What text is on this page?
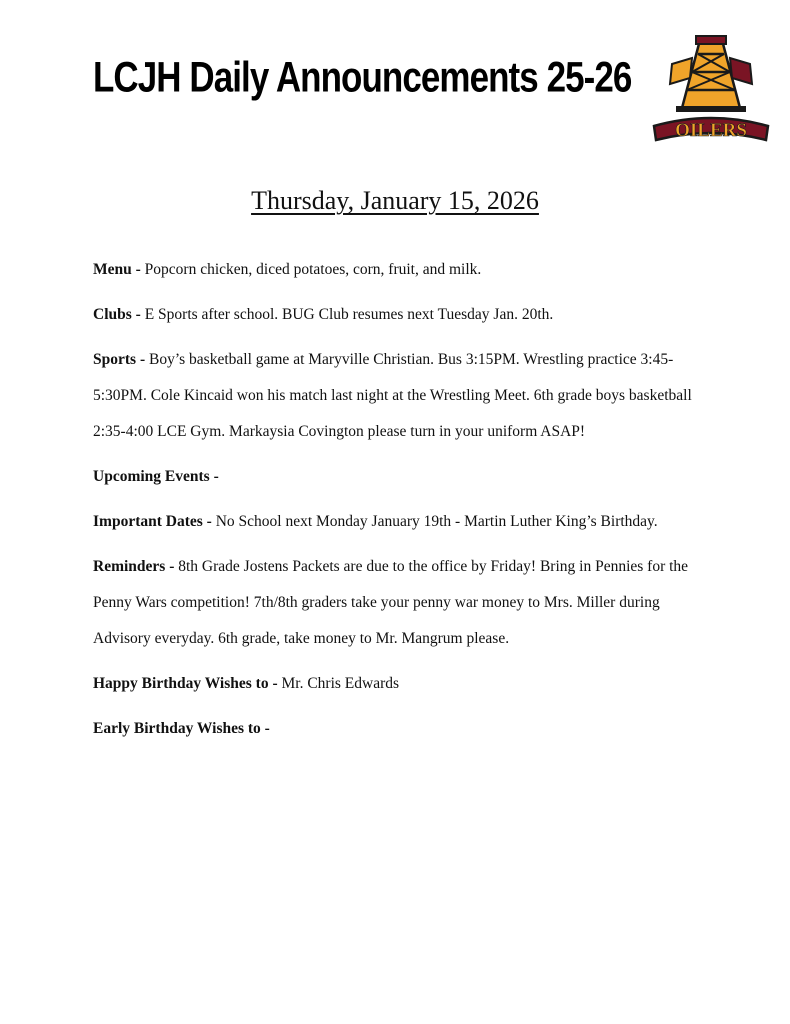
LCJH Daily Announcements 25-26
OILERS
Thursday, January 15, 2026

Menu - Popcorn chicken, diced potatoes, corn, fruit, and milk.

Clubs - E Sports after school. BUG Club resumes next Tuesday Jan. 20th.

Sports - Boy’s basketball game at Maryville Christian. Bus 3:15PM. Wrestling practice 3:45-5:30PM. Cole Kincaid won his match last night at the Wrestling Meet. 6th grade boys basketball 2:35-4:00 LCE Gym. Markaysia Covington please turn in your uniform ASAP!

Upcoming Events -

Important Dates - No School next Monday January 19th - Martin Luther King’s Birthday.

Reminders - 8th Grade Jostens Packets are due to the office by Friday! Bring in Pennies for the Penny Wars competition! 7th/8th graders take your penny war money to Mrs. Miller during Advisory everyday. 6th grade, take money to Mr. Mangrum please.

Happy Birthday Wishes to - Mr. Chris Edwards

Early Birthday Wishes to -
